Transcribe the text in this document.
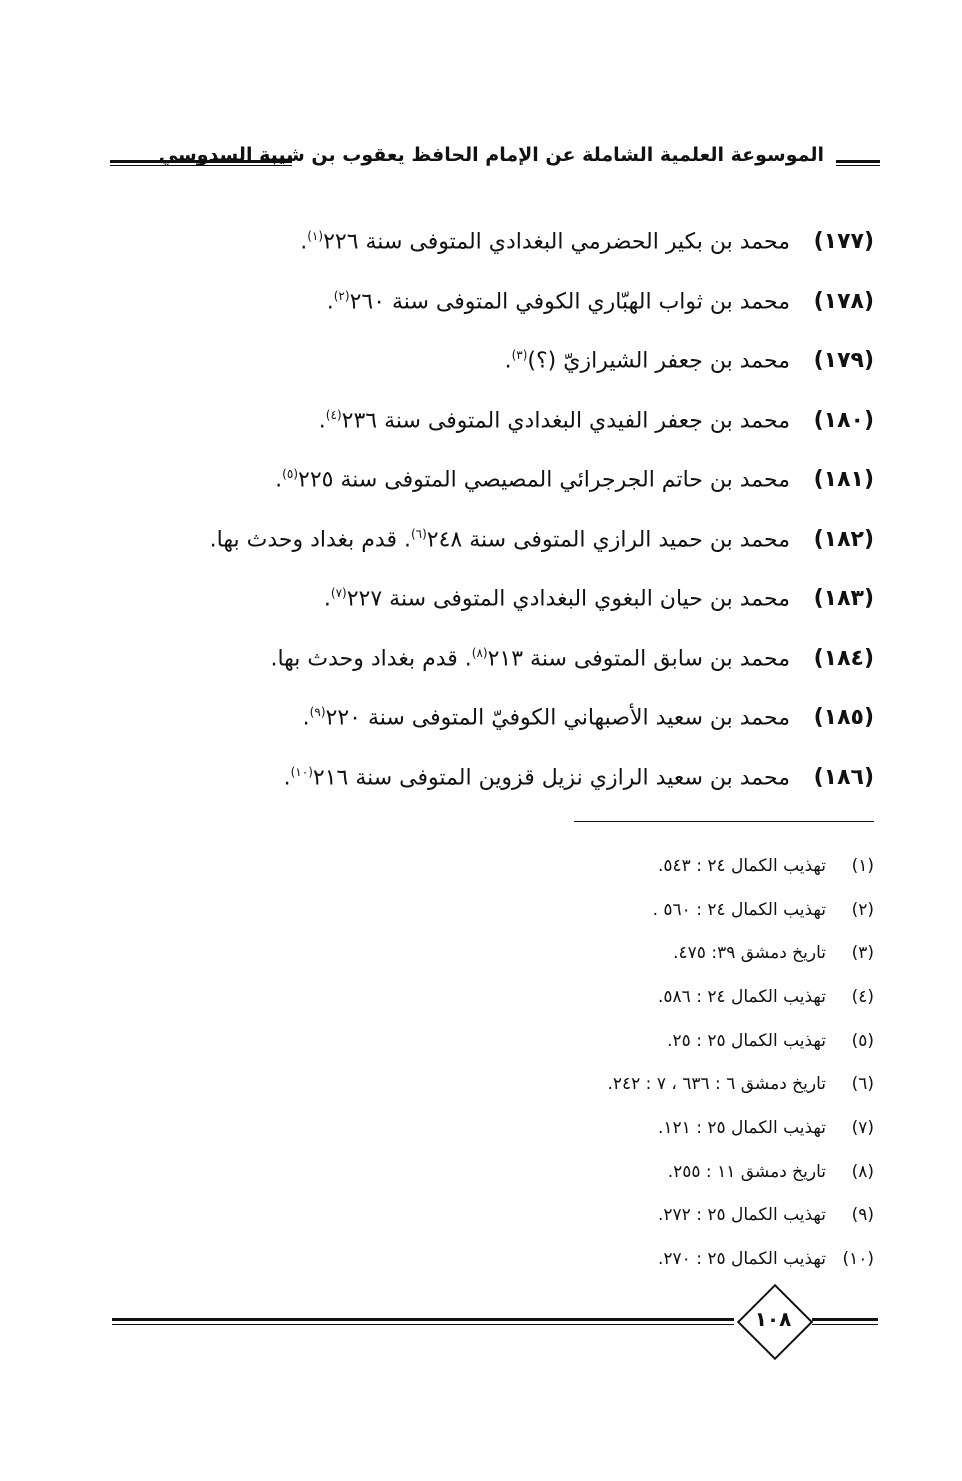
الموسوعة العلمية الشاملة عن الإمام الحافظ يعقوب بن شيبة السدوسي
(١٧٧)
محمد بن بكير الحضرمي البغدادي المتوفى سنة ٢٢٦$^{(١)}$.
(١٧٨)
محمد بن ثواب الهبّاري الكوفي المتوفى سنة ٢٦٠$^{(٢)}$.
(١٧٩)
محمد بن جعفر الشيرازيّ (؟)$^{(٣)}$.
(١٨٠)
محمد بن جعفر الفيدي البغدادي المتوفى سنة ٢٣٦$^{(٤)}$.
(١٨١)
محمد بن حاتم الجرجرائي المصيصي المتوفى سنة ٢٢٥$^{(٥)}$.
(١٨٢)
محمد بن حميد الرازي المتوفى سنة ٢٤٨$^{(٦)}$. قدم بغداد وحدث بها.
(١٨٣)
محمد بن حيان البغوي البغدادي المتوفى سنة ٢٢٧$^{(٧)}$.
(١٨٤)
محمد بن سابق المتوفى سنة ٢١٣$^{(٨)}$. قدم بغداد وحدث بها.
(١٨٥)
محمد بن سعيد الأصبهاني الكوفيّ المتوفى سنة ٢٢٠$^{(٩)}$.
(١٨٦)
محمد بن سعيد الرازي نزيل قزوين المتوفى سنة ٢١٦$^{(١٠)}$.
(١)
تهذيب الكمال ٢٤ : ٥٤٣.
(٢)
تهذيب الكمال ٢٤ : ٥٦٠ .
(٣)
تاريخ دمشق ٣٩: ٤٧٥.
(٤)
تهذيب الكمال ٢٤ : ٥٨٦.
(٥)
تهذيب الكمال ٢٥ : ٢٥.
(٦)
تاريخ دمشق ٦ : ٦٣٦ ، ٧ : ٢٤٢.
(٧)
تهذيب الكمال ٢٥ : ١٢١.
(٨)
تاريخ دمشق ١١ : ٢٥٥.
(٩)
تهذيب الكمال ٢٥ : ٢٧٢.
(١٠)
تهذيب الكمال ٢٥ : ٢٧٠.
١٠٨
